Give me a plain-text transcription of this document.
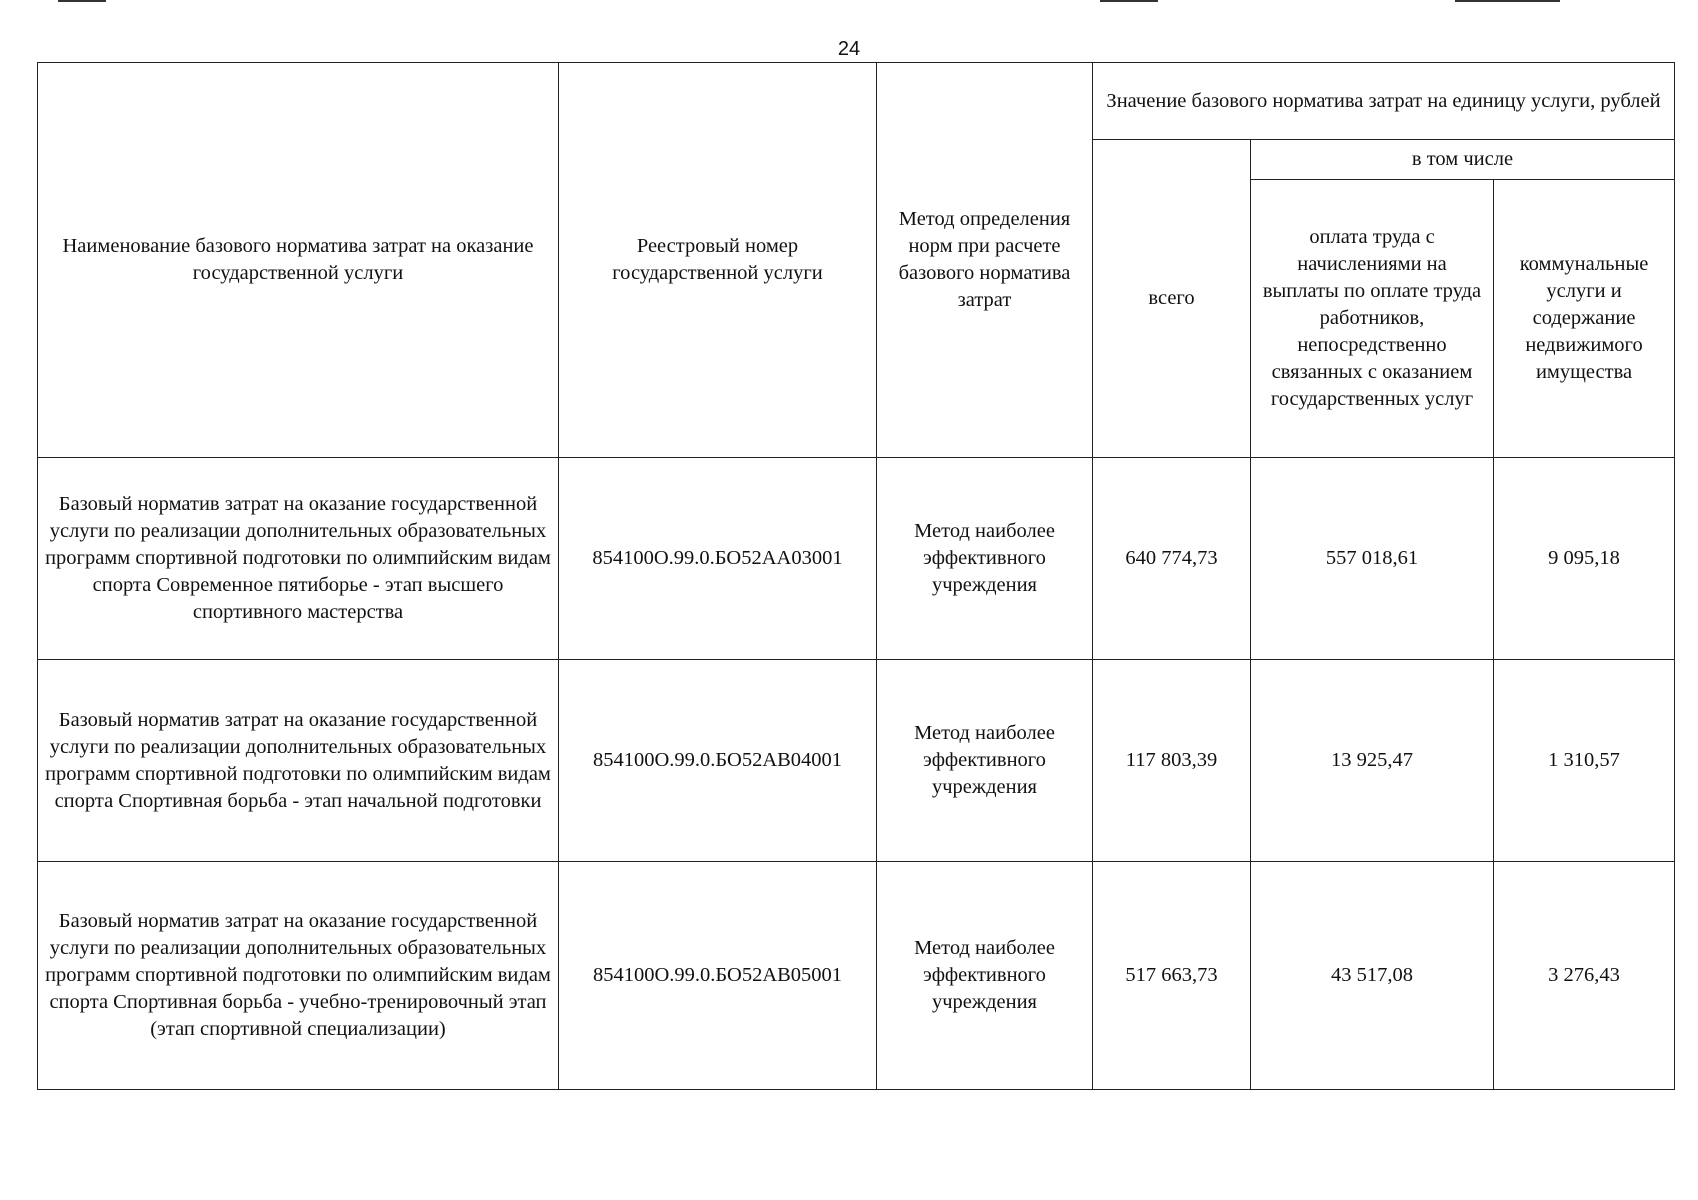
24
Наименование базового норматива затрат на оказание государственной услуги	Реестровый номер государственной услуги	Метод определения норм при расчете базового норматива затрат	Значение базового норматива затрат на единицу услуги, рублей		
			всего	в том числе	
				оплата труда с начислениями на выплаты по оплате труда работников, непосредственно связанных с оказанием государственных услуг	коммунальные услуги и содержание недвижимого имущества
Базовый норматив затрат на оказание государственной услуги по реализации дополнительных образовательных программ спортивной подготовки по олимпийским видам спорта Современное пятиборье - этап высшего спортивного мастерства	854100О.99.0.БО52АА03001	Метод наиболее эффективного учреждения	640 774,73	557 018,61	9 095,18
Базовый норматив затрат на оказание государственной услуги по реализации дополнительных образовательных программ спортивной подготовки по олимпийским видам спорта Спортивная борьба - этап начальной подготовки	854100О.99.0.БО52АВ04001	Метод наиболее эффективного учреждения	117 803,39	13 925,47	1 310,57
Базовый норматив затрат на оказание государственной услуги по реализации дополнительных образовательных программ спортивной подготовки по олимпийским видам спорта Спортивная борьба - учебно-тренировочный этап (этап спортивной специализации)	854100О.99.0.БО52АВ05001	Метод наиболее эффективного учреждения	517 663,73	43 517,08	3 276,43
